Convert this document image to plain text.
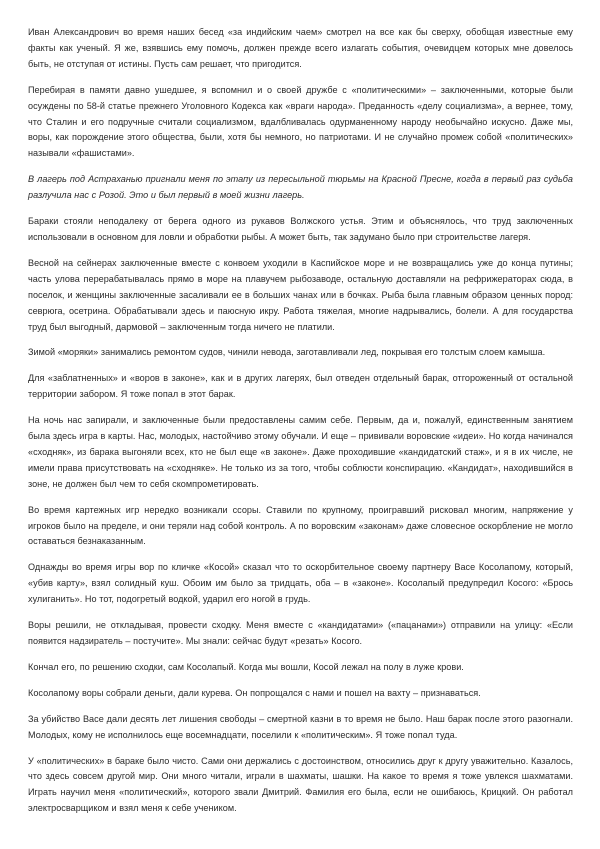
Иван Александрович во время наших бесед «за индийским чаем» смотрел на все как бы сверху, обобщая известные ему факты как ученый. Я же, взявшись ему помочь, должен прежде всего излагать события, очевидцем которых мне довелось быть, не отступая от истины. Пусть сам решает, что пригодится.

Перебирая в памяти давно ушедшее, я вспомнил и о своей дружбе с «политическими» – заключенными, которые были осуждены по 58-й статье прежнего Уголовного Кодекса как «враги народа». Преданность «делу социализма», а вернее, тому, что Сталин и его подручные считали социализмом, вдалбливалась одурманенному народу необычайно искусно. Даже мы, воры, как порождение этого общества, были, хотя бы немного, но патриотами. И не случайно промеж собой «политических» называли «фашистами».

В лагерь под Астраханью пригнали меня по этапу из пересыльной тюрьмы на Красной Пресне, когда в первый раз судьба разлучила нас с Розой. Это и был первый в моей жизни лагерь.

Бараки стояли неподалеку от берега одного из рукавов Волжского устья. Этим и объяснялось, что труд заключенных использовали в основном для ловли и обработки рыбы. А может быть, так задумано было при строительстве лагеря.

Весной на сейнерах заключенные вместе с конвоем уходили в Каспийское море и не возвращались уже до конца путины; часть улова перерабатывалась прямо в море на плавучем рыбозаводе, остальную доставляли на рефрижераторах сюда, в поселок, и женщины заключенные засаливали ее в больших чанах или в бочках. Рыба была главным образом ценных пород: севрюга, осетрина. Обрабатывали здесь и паюсную икру. Работа тяжелая, многие надрывались, болели. А для государства труд был выгодный, дармовой – заключенным тогда ничего не платили.

Зимой «моряки» занимались ремонтом судов, чинили невода, заготавливали лед, покрывая его толстым слоем камыша.

Для «заблатненных» и «воров в законе», как и в других лагерях, был отведен отдельный барак, отгороженный от остальной территории забором. Я тоже попал в этот барак.

На ночь нас запирали, и заключенные были предоставлены самим себе. Первым, да и, пожалуй, единственным занятием была здесь игра в карты. Нас, молодых, настойчиво этому обучали. И еще – прививали воровские «идеи». Но когда начинался «сходняк», из барака выгоняли всех, кто не был еще «в законе». Даже проходившие «кандидатский стаж», и я в их числе, не имели права присутствовать на «сходняке». Не только из за того, чтобы соблюсти конспирацию. «Кандидат», находившийся в зоне, не должен был чем то себя скомпрометировать.

Во время картежных игр нередко возникали ссоры. Ставили по крупному, проигравший рисковал многим, напряжение у игроков было на пределе, и они теряли над собой контроль. А по воровским «законам» даже словесное оскорбление не могло оставаться безнаказанным.

Однажды во время игры вор по кличке «Косой» сказал что то оскорбительное своему партнеру Васе Косолапому, который, «убив карту», взял солидный куш. Обоим им было за тридцать, оба – в «законе». Косолапый предупредил Косого: «Брось хулиганить». Но тот, подогретый водкой, ударил его ногой в грудь.

Воры решили, не откладывая, провести сходку. Меня вместе с «кандидатами» («пацанами») отправили на улицу: «Если появится надзиратель – постучите». Мы знали: сейчас будут «резать» Косого.

Кончал его, по решению сходки, сам Косолапый. Когда мы вошли, Косой лежал на полу в луже крови.

Косолапому воры собрали деньги, дали курева. Он попрощался с нами и пошел на вахту – признаваться.

За убийство Васе дали десять лет лишения свободы – смертной казни в то время не было. Наш барак после этого разогнали. Молодых, кому не исполнилось еще восемнадцати, поселили к «политическим». Я тоже попал туда.

У «политических» в бараке было чисто. Сами они держались с достоинством, относились друг к другу уважительно. Казалось, что здесь совсем другой мир. Они много читали, играли в шахматы, шашки. На какое то время я тоже увлекся шахматами. Играть научил меня «политический», которого звали Дмитрий. Фамилия его была, если не ошибаюсь, Крицкий. Он работал электросварщиком и взял меня к себе учеником.
